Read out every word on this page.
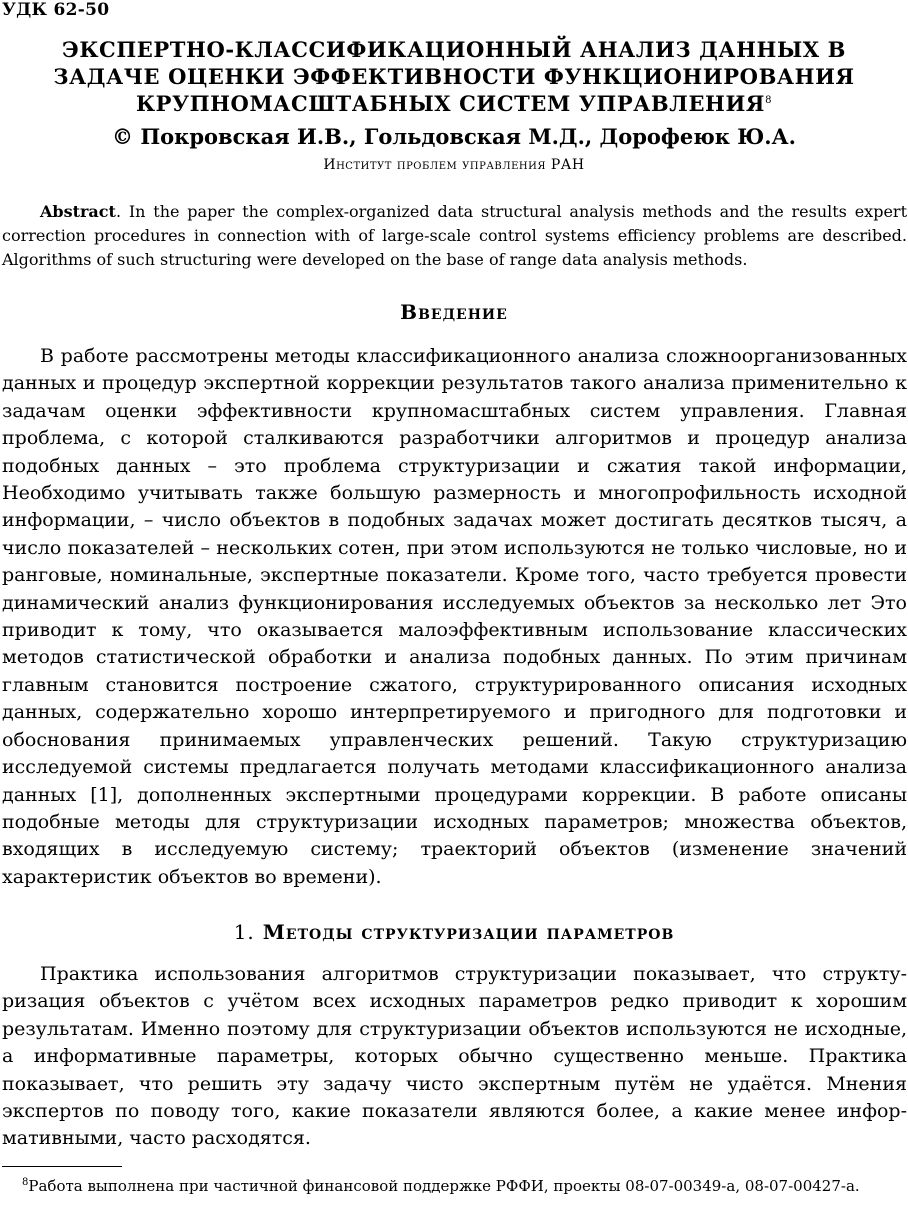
УДК 62-50
ЭКСПЕРТНО-КЛАССИФИКАЦИОННЫЙ АНАЛИЗ ДАННЫХ В
ЗАДАЧЕ ОЦЕНКИ ЭФФЕКТИВНОСТИ ФУНКЦИОНИРОВАНИЯ
КРУПНОМАСШТАБНЫХ СИСТЕМ УПРАВЛЕНИЯ$^8$
© Покровская И.В., Гольдовская М.Д., Дорофеюк Ю.А.
Институт проблем управления РАН
Abstract. In the paper the complex-organized data structural analysis methods and the results expert correction procedures in connection with of large-scale control systems efficiency problems are described. Algorithms of such structuring were developed on the base of range data analysis methods.
Введение
В работе рассмотрены методы классификационного анализа сложноорганизованных данных и процедур экспертной коррекции результатов такого анализа применительно к задачам оценки эффективности крупномасштабных систем управления. Главная проблема, с которой сталкиваются разработчики алгоритмов и процедур анализа подобных данных – это проблема структуризации и сжатия такой информации, Необходимо учитывать также большую размерность и многопрофильность исходной информации, – число объектов в подобных задачах может достигать десятков тысяч, а число показателей – нескольких сотен, при этом используются не только числовые, но и ранговые, номинальные, экспертные показатели. Кроме того, часто требуется провести динамический анализ функционирования исследуемых объектов за несколько лет Это приводит к тому, что оказывается малоэффективным использование классических методов статистической обработки и анализа подобных данных. По этим причинам главным становится построение сжатого, структурированного описания исходных данных, содержательно хорошо интерпретируемого и пригодного для подготовки и обоснования принимаемых управленческих решений. Такую структуризацию исследуемой системы предлагается получать методами классификационного анализа данных [1], дополненных экспертными процедурами коррекции. В работе описаны подобные методы для структуризации исходных параметров; множества объектов, входящих в исследуемую систему; траекторий объектов (изменение значений характеристик объектов во времени).
1. Методы структуризации параметров
Практика использования алгоритмов структуризации показывает, что структуризация объектов с учётом всех исходных параметров редко приводит к хорошим результатам. Именно поэтому для структуризации объектов используются не исходные, а информативные параметры, которых обычно существенно меньше. Практика показывает, что решить эту задачу чисто экспертным путём не удаётся. Мнения экспертов по поводу того, какие показатели являются более, а какие менее информативными, часто расходятся.
$^8$Работа выполнена при частичной финансовой поддержке РФФИ, проекты 08-07-00349-а, 08-07-00427-а.
